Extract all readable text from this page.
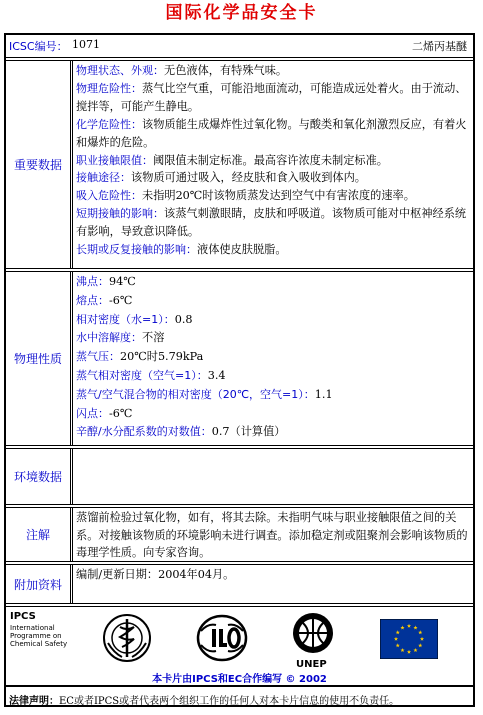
国际化学品安全卡
ICSC编号： 1071	二烯丙基醚
重要数据
物理状态、外观：无色液体，有特殊气味。
物理危险性：蒸气比空气重，可能沿地面流动，可能造成远处着火。由于流动、搅拌等，可能产生静电。
化学危险性：该物质能生成爆炸性过氧化物。与酸类和氧化剂激烈反应，有着火和爆炸的危险。
职业接触限值：阈限值未制定标准。最高容许浓度未制定标准。
接触途径：该物质可通过吸入，经皮肤和食入吸收到体内。
吸入危险性：未指明20℃时该物质蒸发达到空气中有害浓度的速率。
短期接触的影响：该蒸气刺激眼睛，皮肤和呼吸道。该物质可能对中枢神经系统有影响，导致意识降低。
长期或反复接触的影响：液体使皮肤脱脂。
物理性质
沸点：94℃
熔点：-6℃
相对密度（水=1）：0.8
水中溶解度：不溶
蒸气压：20℃时5.79kPa
蒸气相对密度（空气=1）：3.4
蒸气/空气混合物的相对密度（20℃，空气=1）：1.1
闪点：-6℃
辛醇/水分配系数的对数值：0.7（计算值）
环境数据
注解
蒸馏前检验过氧化物，如有，将其去除。未指明气味与职业接触限值之间的关系。对接触该物质的环境影响未进行调查。添加稳定剂或阻聚剂会影响该物质的毒理学性质。向专家咨询。
附加资料
编制/更新日期：2004年04月。
IPCS
International
Programme on
Chemical Safety
UNEP
本卡片由IPCS和EC合作编写 © 2002
法律声明：EC或者IPCS或者代表两个组织工作的任何人对本卡片信息的使用不负责任。
